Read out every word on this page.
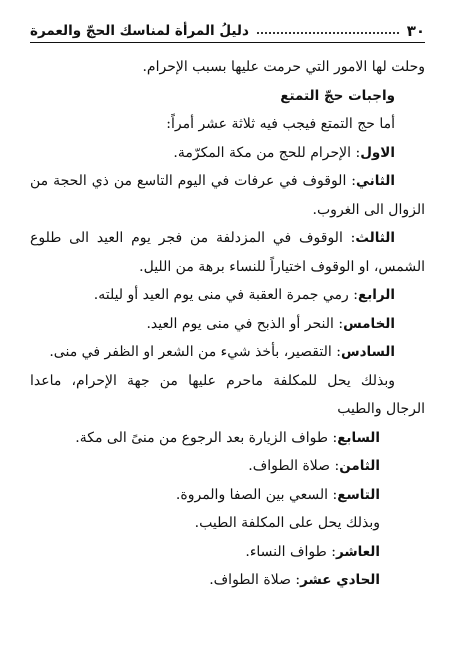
٣٠
دليلُ المرأة لمناسك الحجّ والعمرة
وحلت لها الامور التي حرمت عليها بسبب الإحرام.
واجبات حجّ التمتع
أما حج التمتع فيجب فيه ثلاثة عشر أمراً:
الاول: الإحرام للحج من مكة المكرّمة.
الثاني: الوقوف في عرفات في اليوم التاسع من ذي الحجة من
الزوال الى الغروب.
الثالث: الوقوف في المزدلفة من فجر يوم العيد الى طلوع
الشمس، او الوقوف اختياراً للنساء برهة من الليل.
الرابع: رمي جمرة العقبة في منى يوم العيد أو ليلته.
الخامس: النحر أو الذبح في منى يوم العيد.
السادس: التقصير، بأخذ شيء من الشعر او الظفر في منى.
وبذلك يحل للمكلفة ماحرم عليها من جهة الإحرام، ماعدا
الرجال والطيب
السابع: طواف الزيارة بعد الرجوع من منىً الى مكة.
الثامن: صلاة الطواف.
التاسع: السعي بين الصفا والمروة.
وبذلك يحل على المكلفة الطيب.
العاشر: طواف النساء.
الحادي عشر: صلاة الطواف.
